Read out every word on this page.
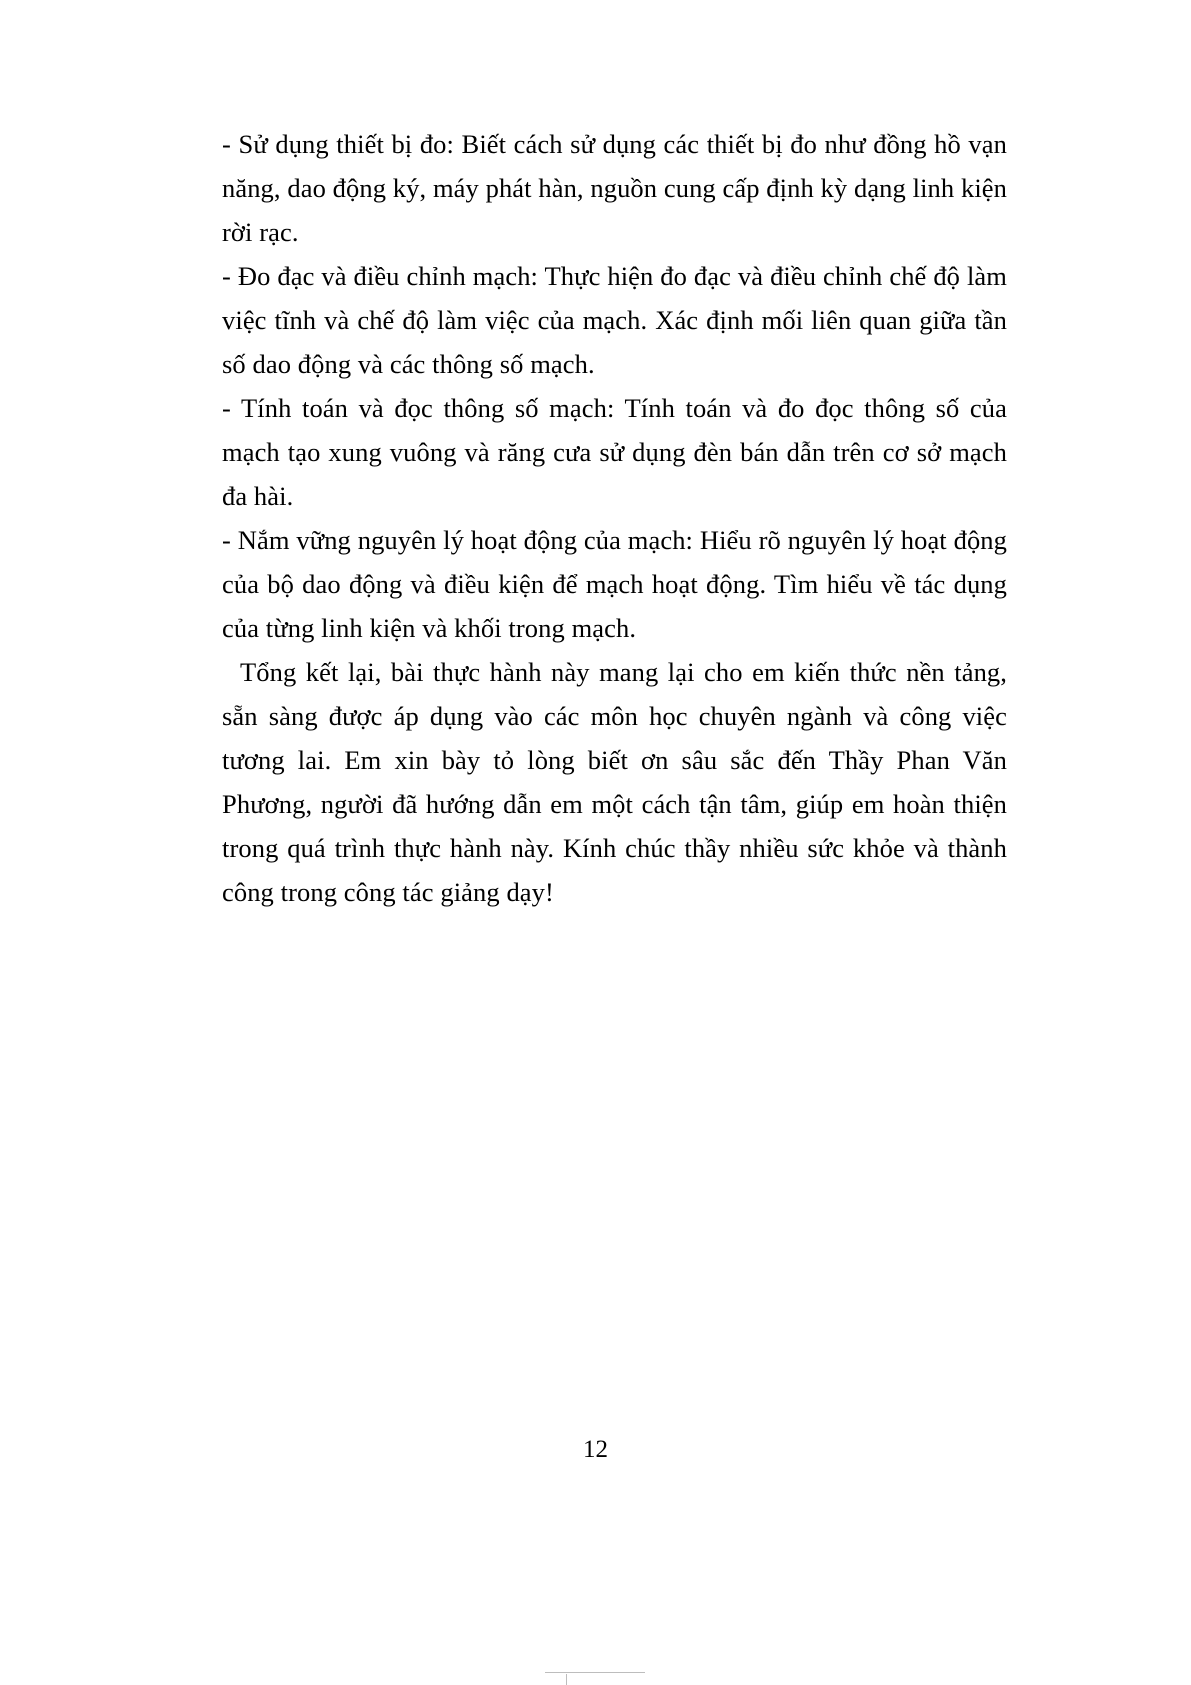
- Sử dụng thiết bị đo: Biết cách sử dụng các thiết bị đo như đồng hồ vạn năng, dao động ký, máy phát hàn, nguồn cung cấp định kỳ dạng linh kiện rời rạc.

- Đo đạc và điều chỉnh mạch: Thực hiện đo đạc và điều chỉnh chế độ làm việc tĩnh và chế độ làm việc của mạch. Xác định mối liên quan giữa tần số dao động và các thông số mạch.

- Tính toán và đọc thông số mạch: Tính toán và đo đọc thông số của mạch tạo xung vuông và răng cưa sử dụng đèn bán dẫn trên cơ sở mạch đa hài.

- Nắm vững nguyên lý hoạt động của mạch: Hiểu rõ nguyên lý hoạt động của bộ dao động và điều kiện để mạch hoạt động. Tìm hiểu về tác dụng của từng linh kiện và khối trong mạch.

Tổng kết lại, bài thực hành này mang lại cho em kiến thức nền tảng, sẵn sàng được áp dụng vào các môn học chuyên ngành và công việc tương lai. Em xin bày tỏ lòng biết ơn sâu sắc đến Thầy Phan Văn Phương, người đã hướng dẫn em một cách tận tâm, giúp em hoàn thiện trong quá trình thực hành này. Kính chúc thầy nhiều sức khỏe và thành công trong công tác giảng dạy!

12
